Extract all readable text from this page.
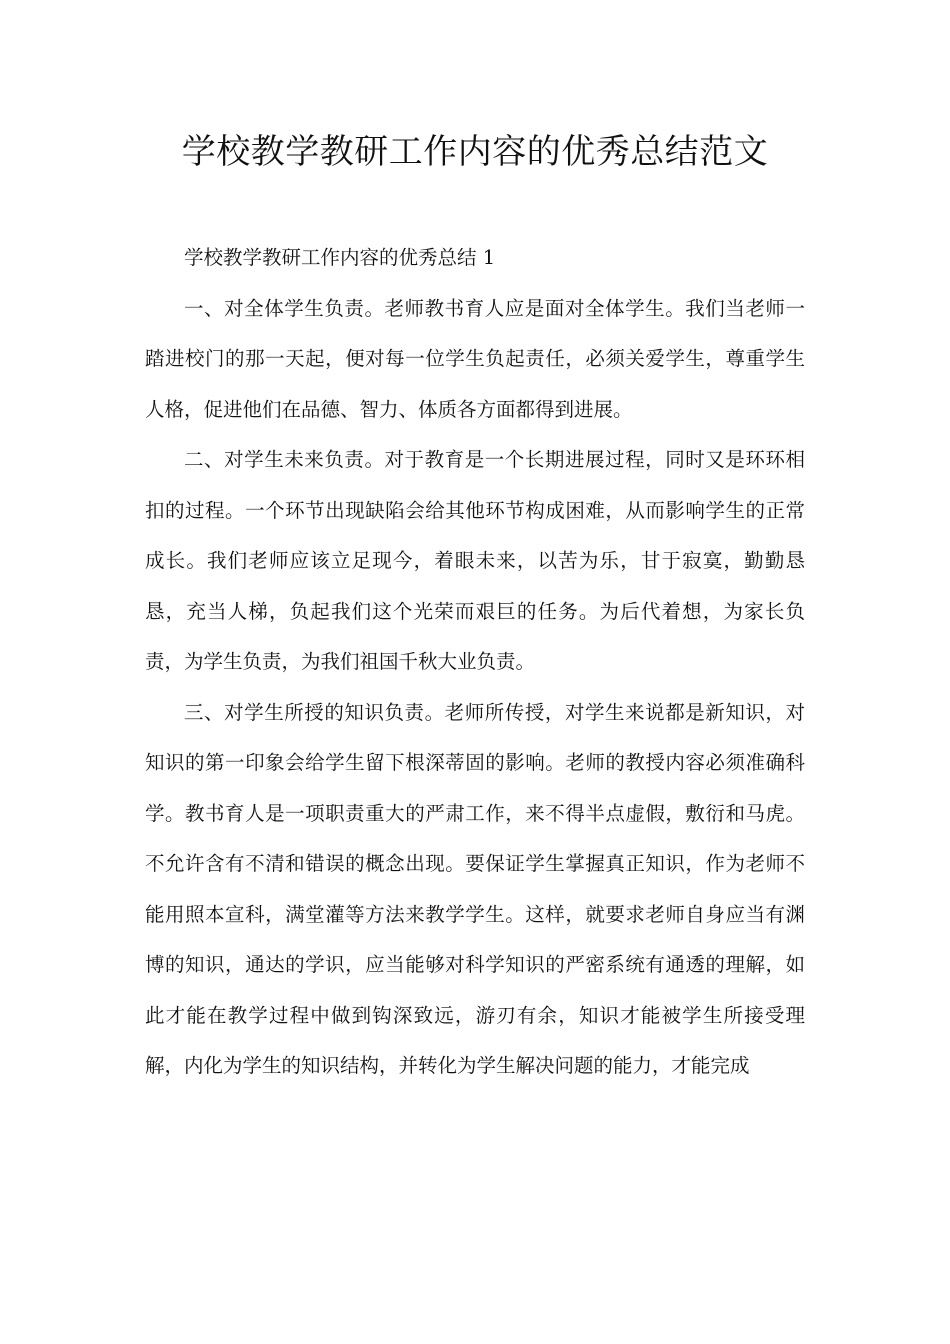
学校教学教研工作内容的优秀总结范文

学校教学教研工作内容的优秀总结 1

一、对全体学生负责。老师教书育人应是面对全体学生。我们当老师一踏进校门的那一天起，便对每一位学生负起责任，必须关爱学生，尊重学生人格，促进他们在品德、智力、体质各方面都得到进展。

二、对学生未来负责。对于教育是一个长期进展过程，同时又是环环相扣的过程。一个环节出现缺陷会给其他环节构成困难，从而影响学生的正常成长。我们老师应该立足现今，着眼未来，以苦为乐，甘于寂寞，勤勤恳恳，充当人梯，负起我们这个光荣而艰巨的任务。为后代着想，为家长负责，为学生负责，为我们祖国千秋大业负责。

三、对学生所授的知识负责。老师所传授，对学生来说都是新知识，对知识的第一印象会给学生留下根深蒂固的影响。老师的教授内容必须准确科学。教书育人是一项职责重大的严肃工作，来不得半点虚假，敷衍和马虎。不允许含有不清和错误的概念出现。要保证学生掌握真正知识，作为老师不能用照本宣科，满堂灌等方法来教学学生。这样，就要求老师自身应当有渊博的知识，通达的学识，应当能够对科学知识的严密系统有通透的理解，如此才能在教学过程中做到钩深致远，游刃有余，知识才能被学生所接受理解，内化为学生的知识结构，并转化为学生解决问题的能力，才能完成
